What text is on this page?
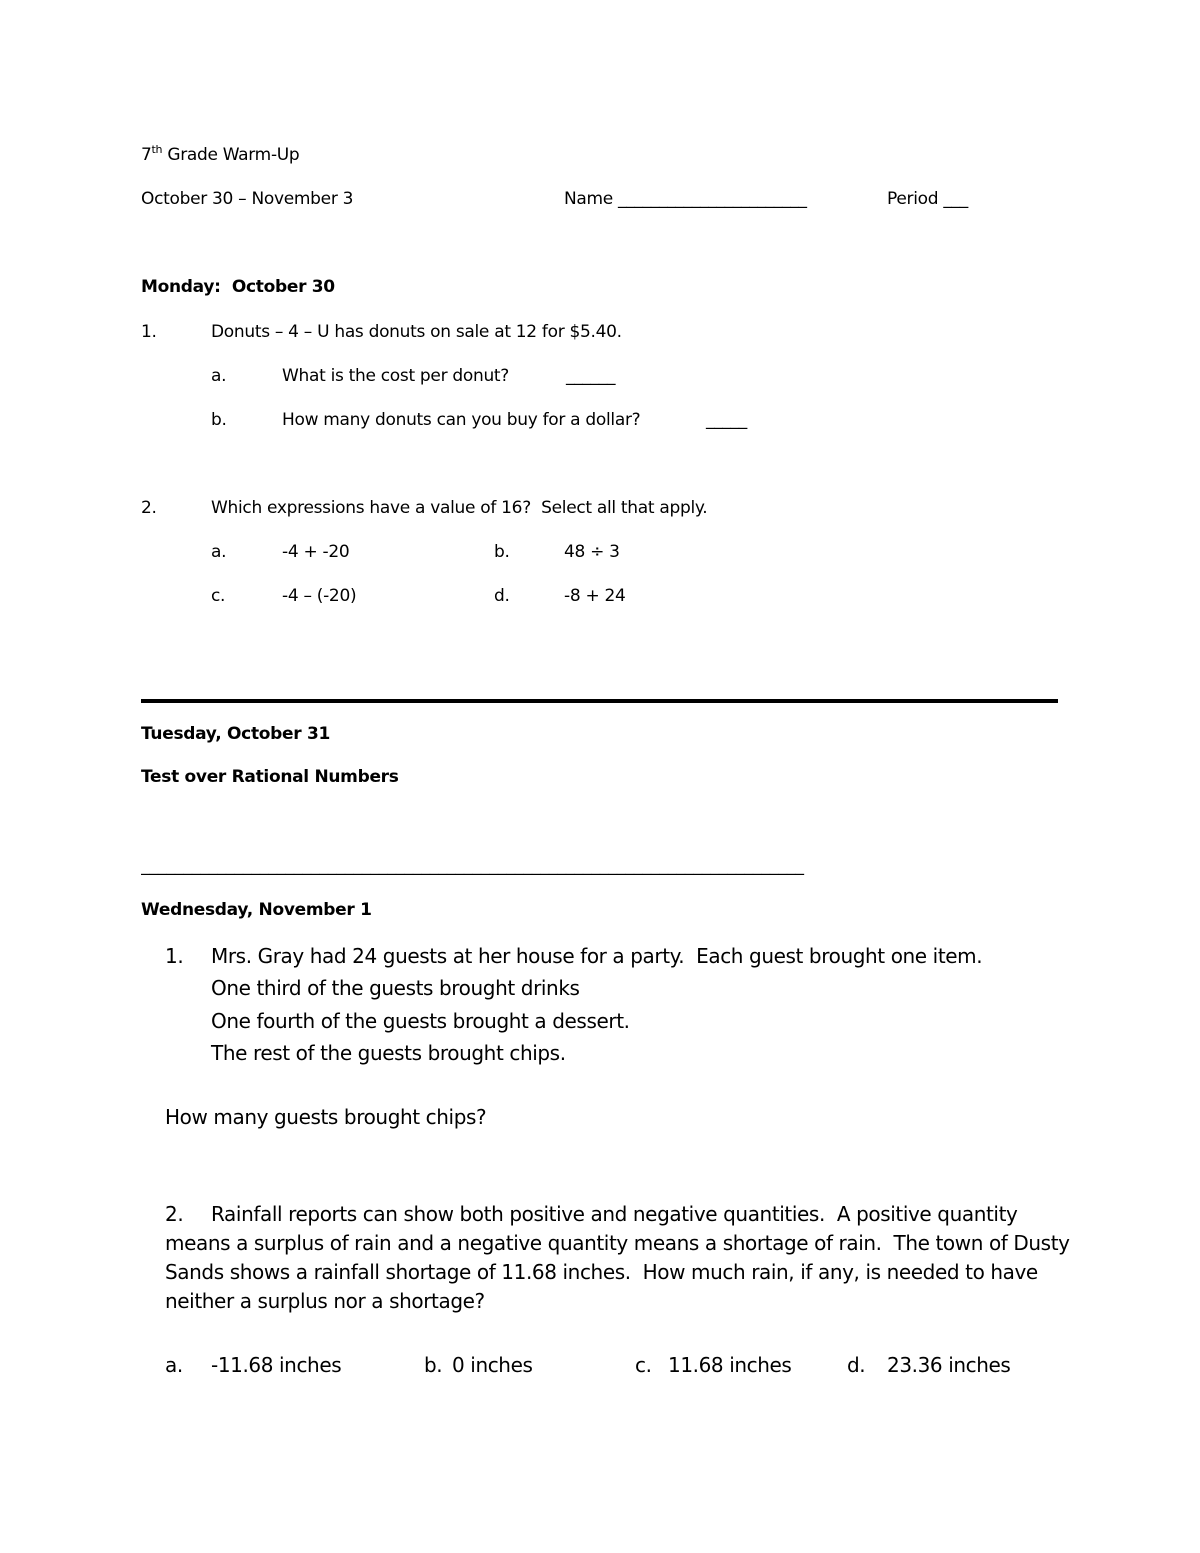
7th Grade Warm-Up
October 30 – November 3	Name _______________________	Period ___
Monday:  October 30
1.	Donuts – 4 – U has donuts on sale at 12 for $5.40.
a.	What is the cost per donut?	______
b.	How many donuts can you buy for a dollar?	_____
2.	Which expressions have a value of 16?  Select all that apply.
a.	-4 + -20	b.	48 ÷ 3
c.	-4 – (-20)	d.	-8 + 24
Tuesday, October 31
Test over Rational Numbers
______________________________________________________________________________
Wednesday, November 1
1. Mrs. Gray had 24 guests at her house for a party.  Each guest brought one item.
One third of the guests brought drinks
One fourth of the guests brought a dessert.
The rest of the guests brought chips.
How many guests brought chips?
2. Rainfall reports can show both positive and negative quantities.  A positive quantity
means a surplus of rain and a negative quantity means a shortage of rain.  The town of Dusty
Sands shows a rainfall shortage of 11.68 inches.  How much rain, if any, is needed to have
neither a surplus nor a shortage?
a. -11.68 inches	b. 0 inches	c. 11.68 inches	d. 23.36 inches
